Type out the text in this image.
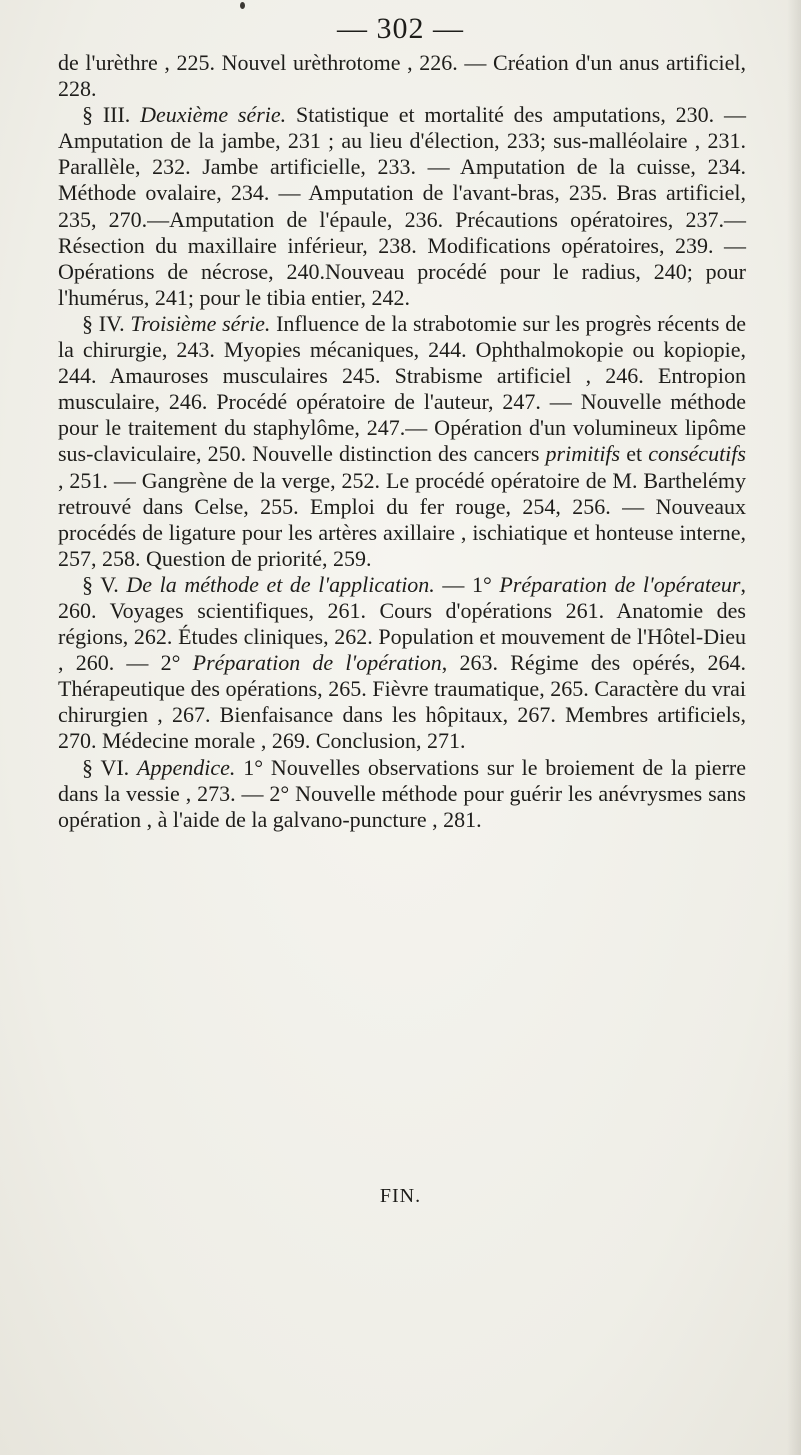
— 302 —

de l'urèthre , 225. Nouvel urèthrotome , 226. — Création d'un anus artificiel, 228.

§ III. Deuxième série. Statistique et mortalité des amputations, 230. — Amputation de la jambe, 231 ; au lieu d'élection, 233; sus-malléolaire , 231. Parallèle, 232. Jambe artificielle, 233. — Amputation de la cuisse, 234. Méthode ovalaire, 234. — Amputation de l'avant-bras, 235. Bras artificiel, 235, 270.—Amputation de l'épaule, 236. Précautions opératoires, 237.— Résection du maxillaire inférieur, 238. Modifications opératoires, 239. — Opérations de nécrose, 240.Nouveau procédé pour le radius, 240; pour l'humérus, 241; pour le tibia entier, 242.

§ IV. Troisième série. Influence de la strabotomie sur les progrès récents de la chirurgie, 243. Myopies mécaniques, 244. Ophthalmokopie ou kopiopie, 244. Amauroses musculaires 245. Strabisme artificiel , 246. Entropion musculaire, 246. Procédé opératoire de l'auteur, 247. — Nouvelle méthode pour le traitement du staphylôme, 247.— Opération d'un volumineux lipôme sus-claviculaire, 250. Nouvelle distinction des cancers primitifs et consécutifs , 251. — Gangrène de la verge, 252. Le procédé opératoire de M. Barthelémy retrouvé dans Celse, 255. Emploi du fer rouge, 254, 256. — Nouveaux procédés de ligature pour les artères axillaire , ischiatique et honteuse interne, 257, 258. Question de priorité, 259.

§ V. De la méthode et de l'application. — 1° Préparation de l'opérateur, 260. Voyages scientifiques, 261. Cours d'opérations 261. Anatomie des régions, 262. Études cliniques, 262. Population et mouvement de l'Hôtel-Dieu , 260. — 2° Préparation de l'opération, 263. Régime des opérés, 264. Thérapeutique des opérations, 265. Fièvre traumatique, 265. Caractère du vrai chirurgien , 267. Bienfaisance dans les hôpitaux, 267. Membres artificiels, 270. Médecine morale , 269. Conclusion, 271.

§ VI. Appendice. 1° Nouvelles observations sur le broiement de la pierre dans la vessie , 273. — 2° Nouvelle méthode pour guérir les anévrysmes sans opération , à l'aide de la galvano-puncture , 281.

FIN.
